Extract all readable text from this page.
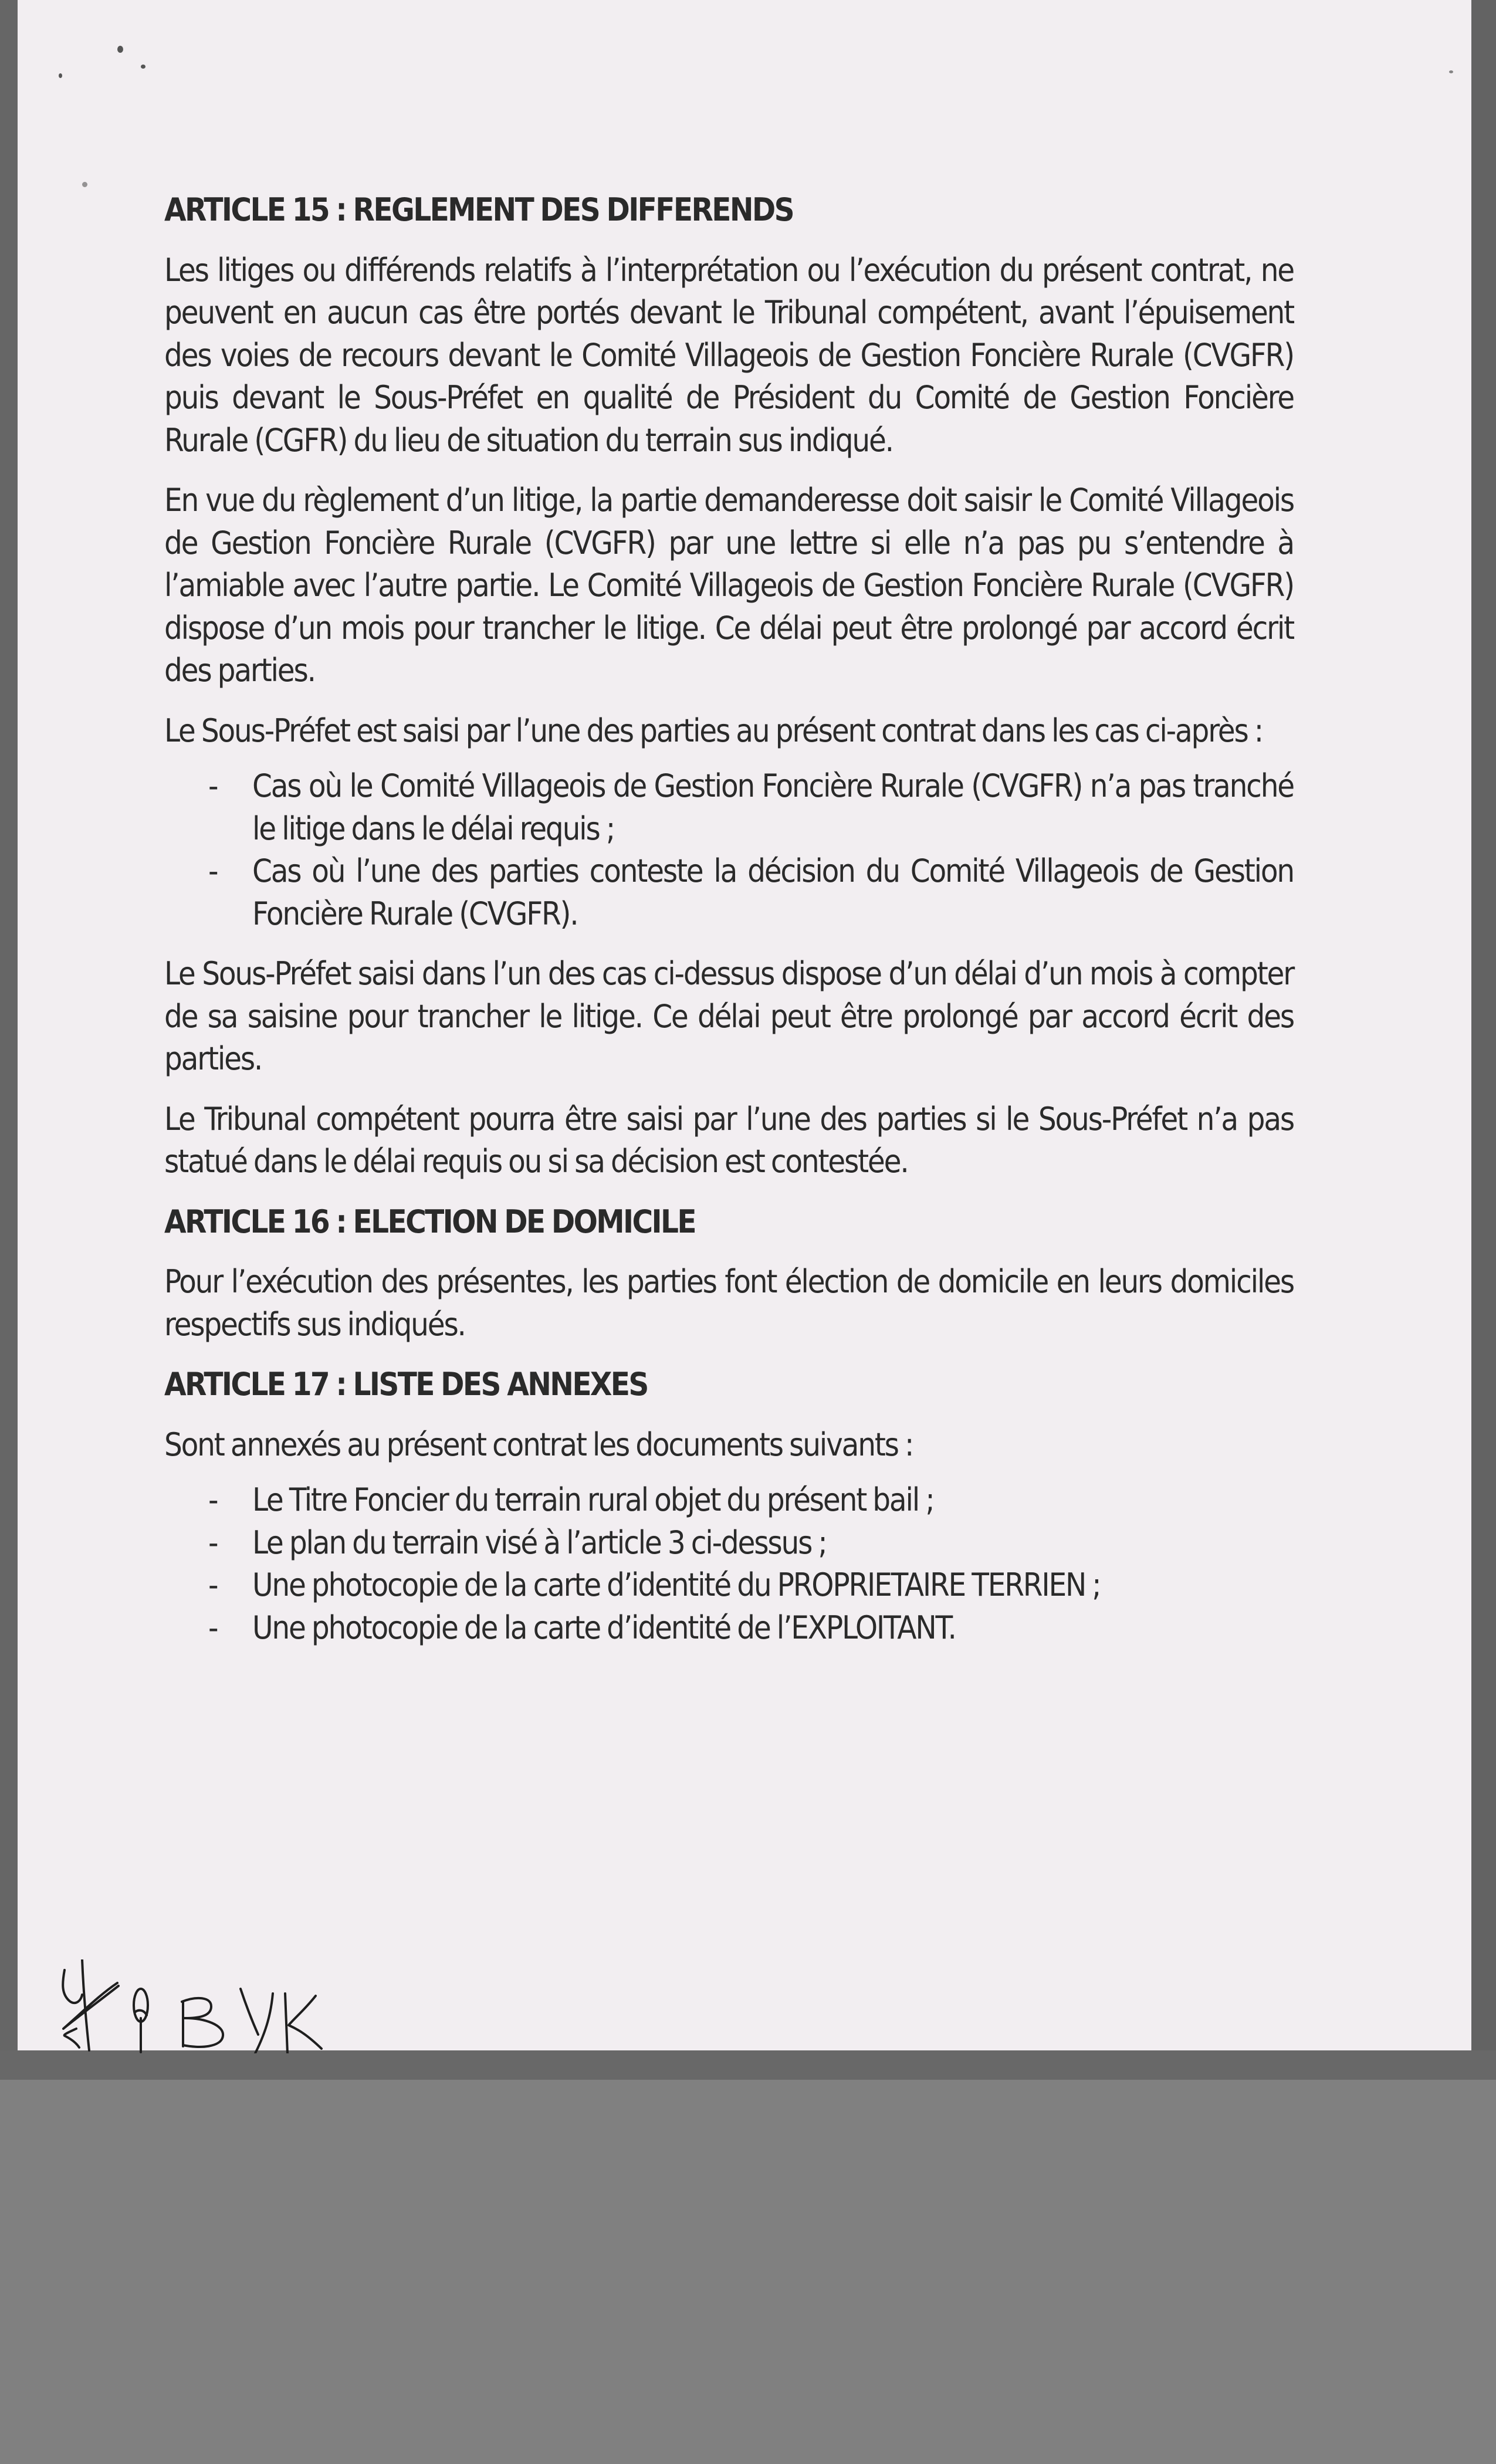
ARTICLE 15 : REGLEMENT DES DIFFERENDS

Les litiges ou différends relatifs à l’interprétation ou l’exécution du présent contrat, ne peuvent en aucun cas être portés devant le Tribunal compétent, avant l’épuisement des voies de recours devant le Comité Villageois de Gestion Foncière Rurale (CVGFR) puis devant le Sous-Préfet en qualité de Président du Comité de Gestion Foncière Rurale (CGFR) du lieu de situation du terrain sus indiqué.

En vue du règlement d’un litige, la partie demanderesse doit saisir le Comité Villageois de Gestion Foncière Rurale (CVGFR) par une lettre si elle n’a pas pu s’entendre à l’amiable avec l’autre partie. Le Comité Villageois de Gestion Foncière Rurale (CVGFR) dispose d’un mois pour trancher le litige. Ce délai peut être prolongé par accord écrit des parties.

Le Sous-Préfet est saisi par l’une des parties au présent contrat dans les cas ci-après :

- Cas où le Comité Villageois de Gestion Foncière Rurale (CVGFR) n’a pas tranché le litige dans le délai requis ;
- Cas où l’une des parties conteste la décision du Comité Villageois de Gestion Foncière Rurale (CVGFR).

Le Sous-Préfet saisi dans l’un des cas ci-dessus dispose d’un délai d’un mois à compter de sa saisine pour trancher le litige. Ce délai peut être prolongé par accord écrit des parties.

Le Tribunal compétent pourra être saisi par l’une des parties si le Sous-Préfet n’a pas statué dans le délai requis ou si sa décision est contestée.

ARTICLE 16 : ELECTION DE DOMICILE

Pour l’exécution des présentes, les parties font élection de domicile en leurs domiciles respectifs sus indiqués.

ARTICLE 17 : LISTE DES ANNEXES

Sont annexés au présent contrat les documents suivants :

- Le Titre Foncier du terrain rural objet du présent bail ;
- Le plan du terrain visé à l’article 3 ci-dessus ;
- Une photocopie de la carte d’identité du PROPRIETAIRE TERRIEN ;
- Une photocopie de la carte d’identité de l’EXPLOITANT.
